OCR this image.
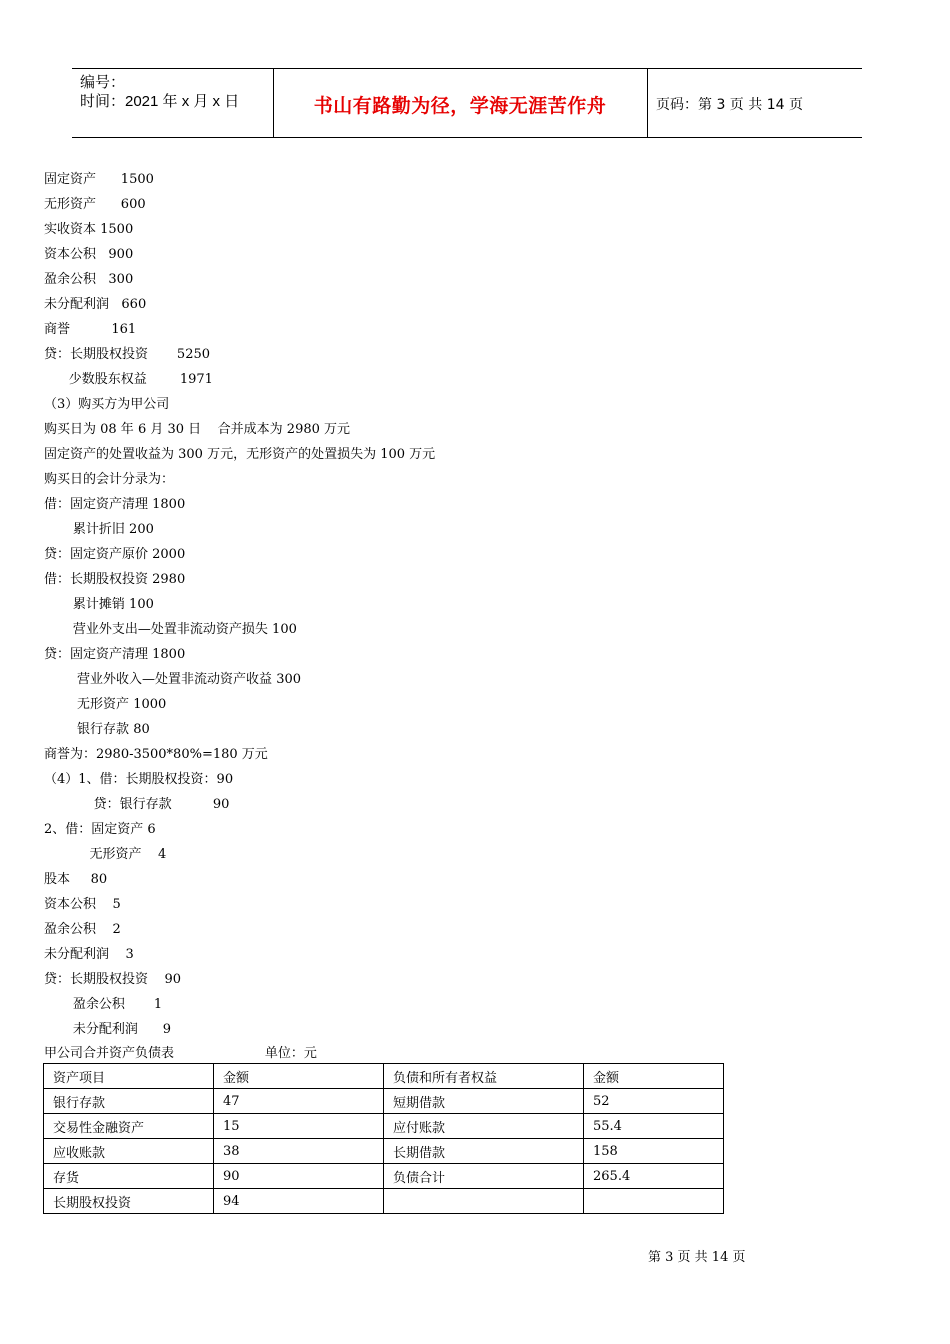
编号：
时间：2021 年 x 月 x 日	书山有路勤为径，学海无涯苦作舟	页码：第 3 页 共 14 页
固定资产      1500
无形资产      600
实收资本 1500
资本公积   900
盈余公积   300
未分配利润   660
商誉          161
贷：长期股权投资       5250
少数股东权益        1971
（3）购买方为甲公司
购买日为 08 年 6 月 30 日    合并成本为 2980 万元
固定资产的处置收益为 300 万元，无形资产的处置损失为 100 万元
购买日的会计分录为：
借：固定资产清理 1800
累计折旧 200
贷：固定资产原价 2000
借：长期股权投资 2980
累计摊销 100
营业外支出—处置非流动资产损失 100
贷：固定资产清理 1800
营业外收入—处置非流动资产收益 300
无形资产 1000
银行存款 80
商誉为：2980-3500*80%=180 万元
（4）1、借：长期股权投资：90
贷：银行存款          90
2、借：固定资产 6
无形资产    4
股本     80
资本公积    5
盈余公积    2
未分配利润    3
贷：长期股权投资    90
盈余公积       1
未分配利润      9
甲公司合并资产负债表                      单位：元
资产项目	金额	负债和所有者权益	金额
银行存款	47	短期借款	52
交易性金融资产	15	应付账款	55.4
应收账款	38	长期借款	158
存货	90	负债合计	265.4
长期股权投资	94		
第 3 页 共 14 页
